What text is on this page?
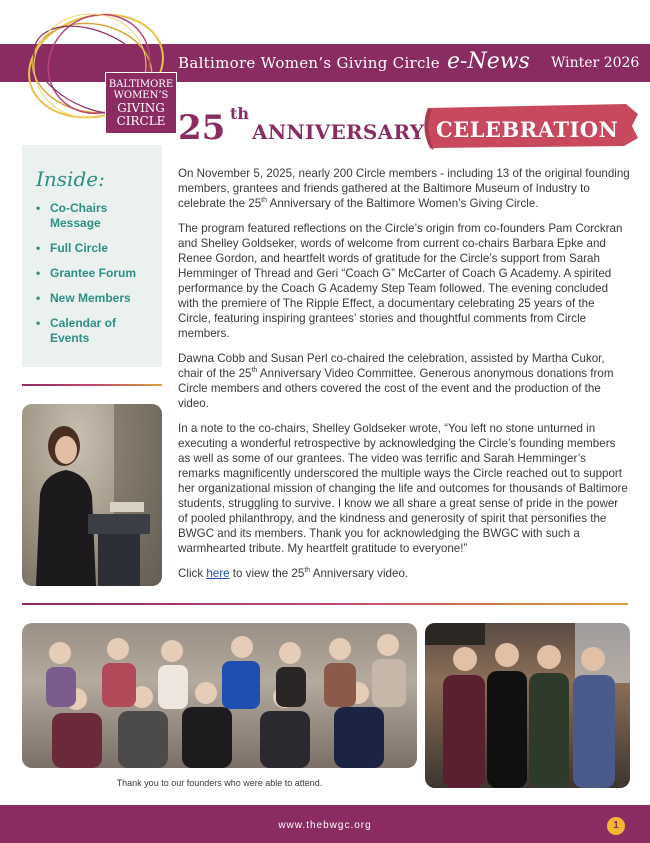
Baltimore Women’s Giving Circle e-News Winter 2026
BALTIMORE
WOMEN’S
GIVING
CIRCLE 25 th
ANNIVERSARY CELEBRATION
Inside:
• Co-Chairs Message
• Full Circle
• Grantee Forum
• New Members
• Calendar of Events

On November 5, 2025, nearly 200 Circle members - including 13 of the original founding members, grantees and friends gathered at the Baltimore Museum of Industry to celebrate the 25th Anniversary of the Baltimore Women’s Giving Circle.

The program featured reflections on the Circle’s origin from co-founders Pam Corckran and Shelley Goldseker, words of welcome from current co-chairs Barbara Epke and Renee Gordon, and heartfelt words of gratitude for the Circle’s support from Sarah Hemminger of Thread and Geri “Coach G” McCarter of Coach G Academy. A spirited performance by the Coach G Academy Step Team followed. The evening concluded with the premiere of The Ripple Effect, a documentary celebrating 25 years of the Circle, featuring inspiring grantees’ stories and thoughtful comments from Circle members.

Dawna Cobb and Susan Perl co-chaired the celebration, assisted by Martha Cukor, chair of the 25th Anniversary Video Committee. Generous anonymous donations from Circle members and others covered the cost of the event and the production of the video.

In a note to the co-chairs, Shelley Goldseker wrote, “You left no stone unturned in executing a wonderful retrospective by acknowledging the Circle’s founding members as well as some of our grantees. The video was terrific and Sarah Hemminger’s remarks magnificently underscored the multiple ways the Circle reached out to support her organizational mission of changing the life and outcomes for thousands of Baltimore students, struggling to survive. I know we all share a great sense of pride in the power of pooled philanthropy, and the kindness and generosity of spirit that personifies the BWGC and its members. Thank you for acknowledging the BWGC with such a warmhearted tribute. My heartfelt gratitude to everyone!”

Click here to view the 25th Anniversary video.

Thank you to our founders who were able to attend.
www.thebwgc.org	1
